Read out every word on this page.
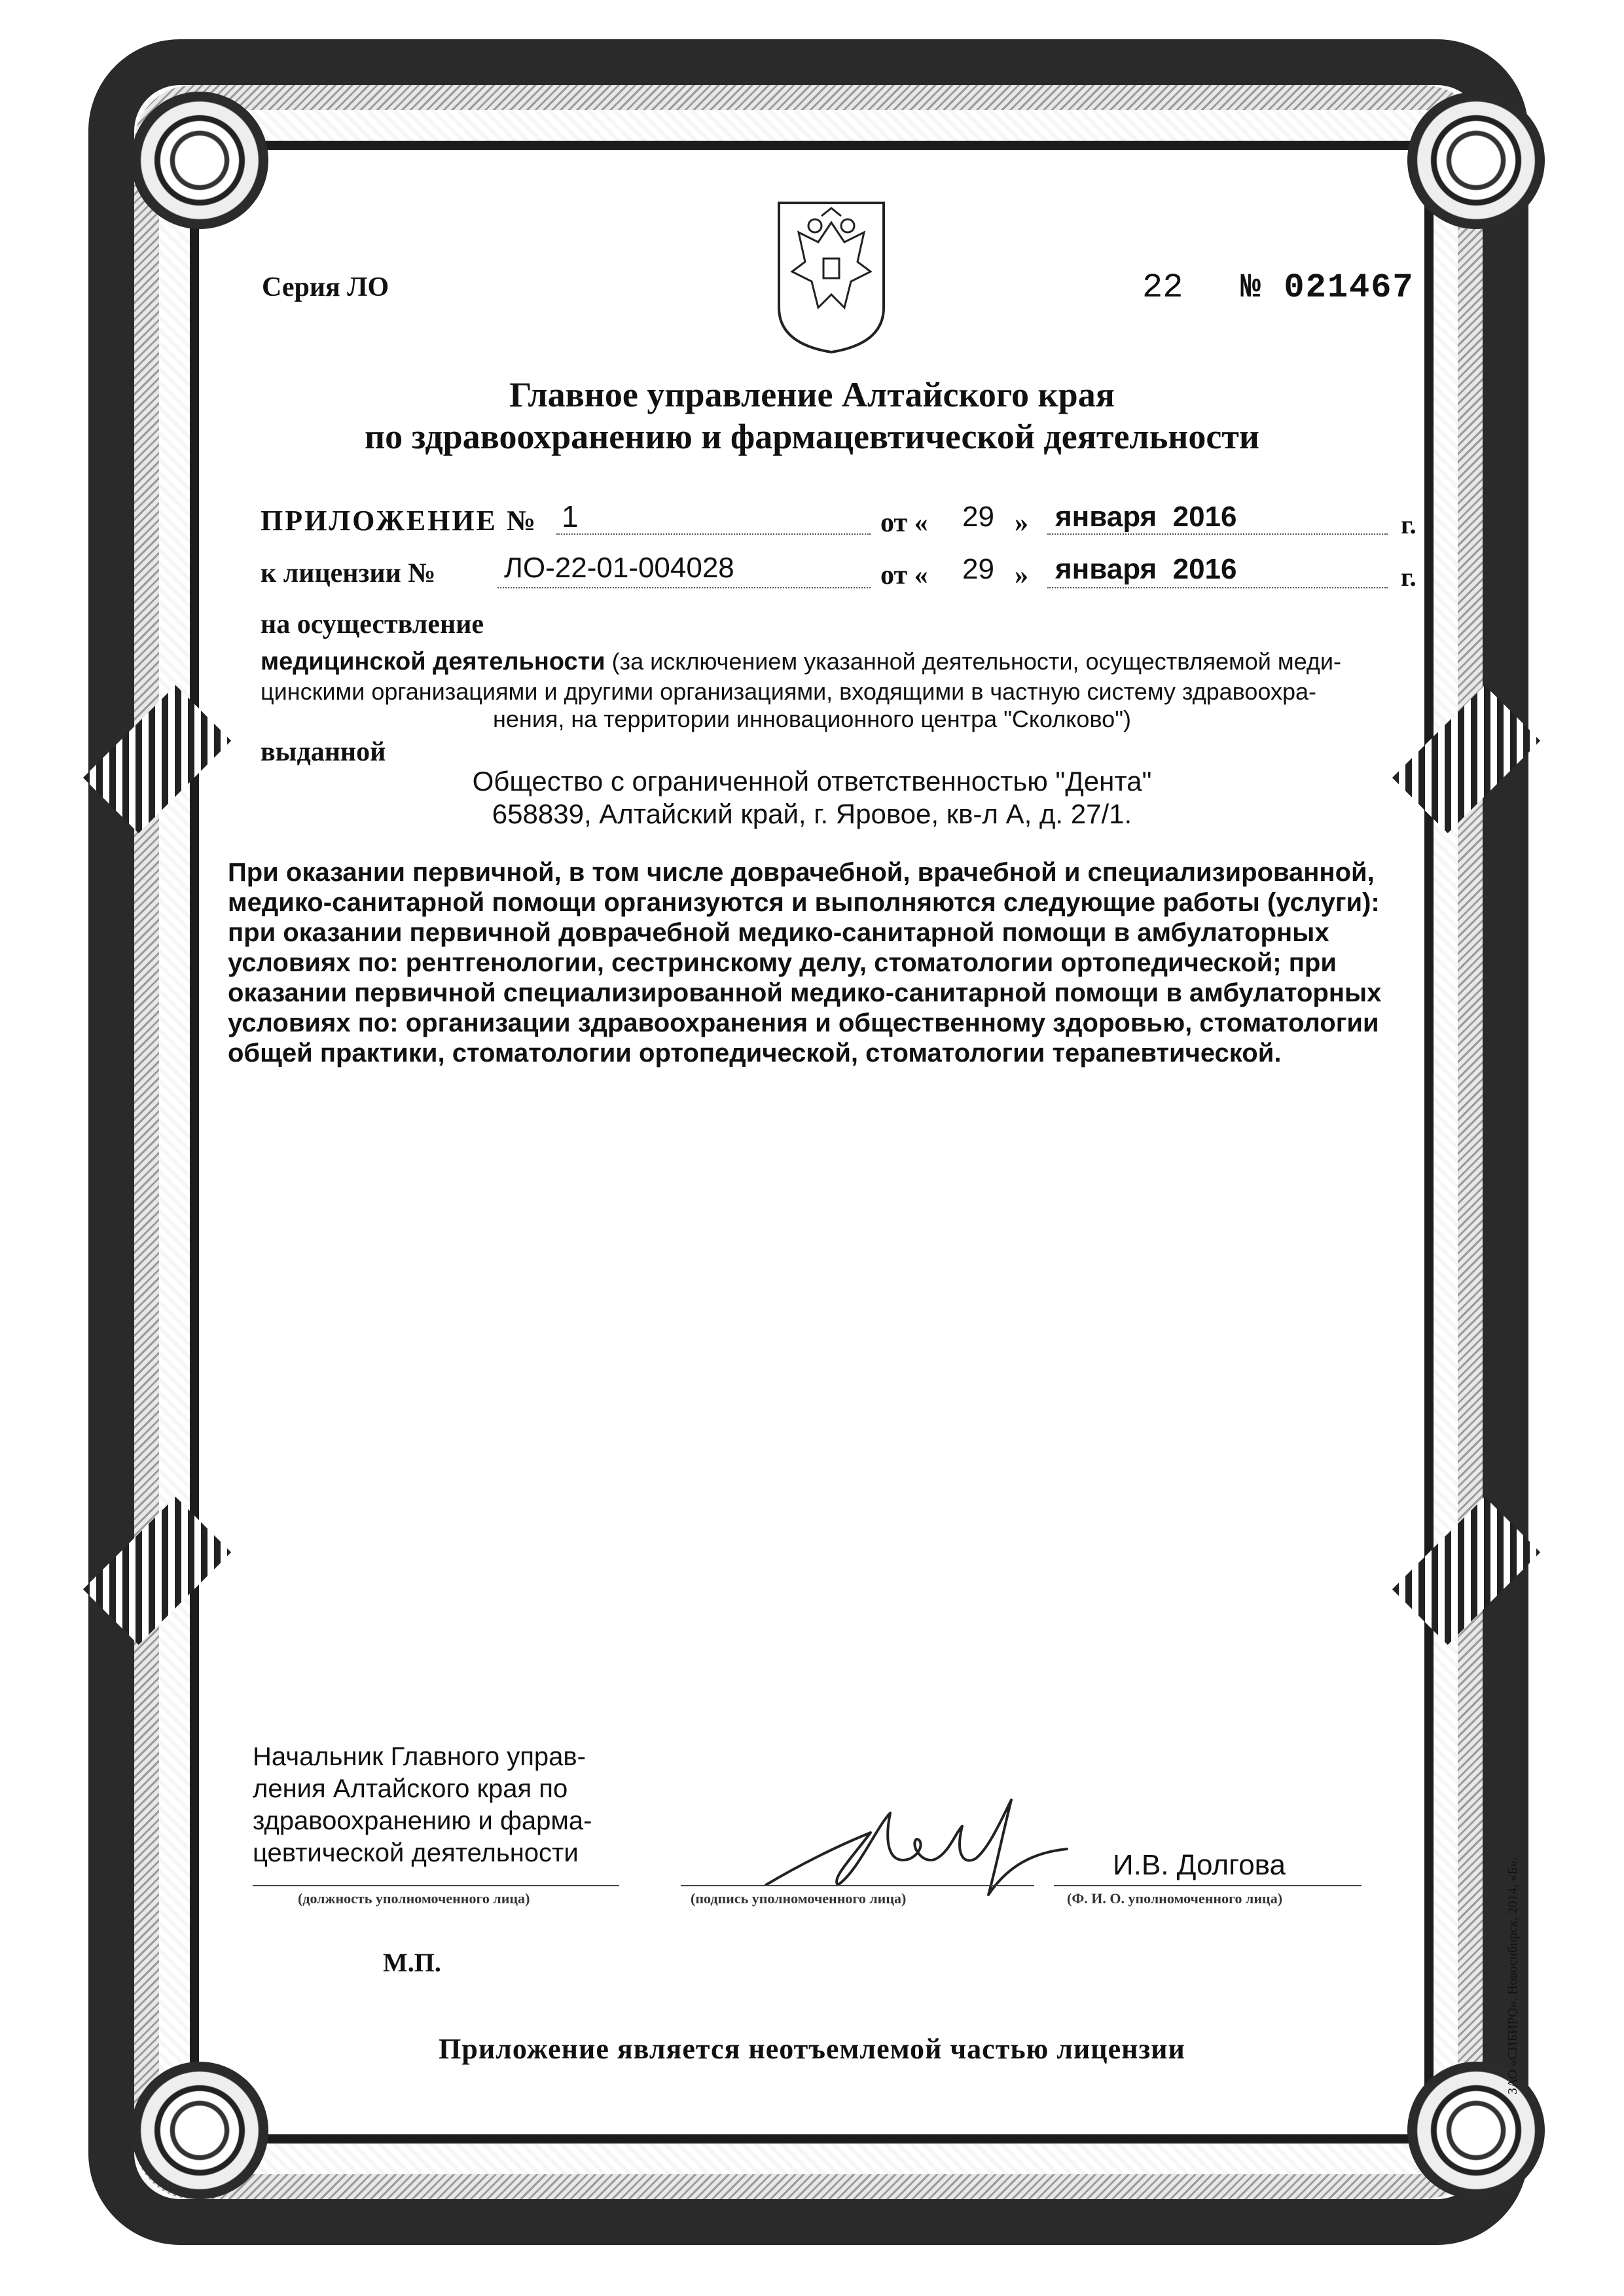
Серия ЛО	22 № 021467
Главное управление Алтайского края
по здравоохранению и фармацевтической деятельности
ПРИЛОЖЕНИЕ № 1	от « 29 » января  2016	г.
к лицензии № ЛО-22-01-004028	от « 29 » января  2016	г.
на осуществление
медицинской деятельности (за исключением указанной деятельности, осуществляемой меди-
цинскими организациями и другими организациями, входящими в частную систему здравоохра-
нения, на территории инновационного центра "Сколково")
выданной
Общество с ограниченной ответственностью "Дента"
658839, Алтайский край, г. Яровое, кв-л А, д. 27/1.
При оказании первичной, в том числе доврачебной, врачебной и специализированной,
медико-санитарной помощи организуются и выполняются следующие работы (услуги):
при оказании первичной доврачебной медико-санитарной помощи в амбулаторных
условиях по: рентгенологии, сестринскому делу, стоматологии ортопедической; при
оказании первичной специализированной медико-санитарной помощи в амбулаторных
условиях по: организации здравоохранения и общественному здоровью, стоматологии
общей практики, стоматологии ортопедической, стоматологии терапевтической.
Начальник Главного управ-
ления Алтайского края по
здравоохранению и фарма-
цевтической деятельности
(должность уполномоченного лица)	(подпись уполномоченного лица)
И.В. Долгова
(Ф. И. О. уполномоченного лица)
М.П.
Приложение является неотъемлемой частью лицензии	ЗАО «СИБИРО». Новосибирск, 2014, «Б».
